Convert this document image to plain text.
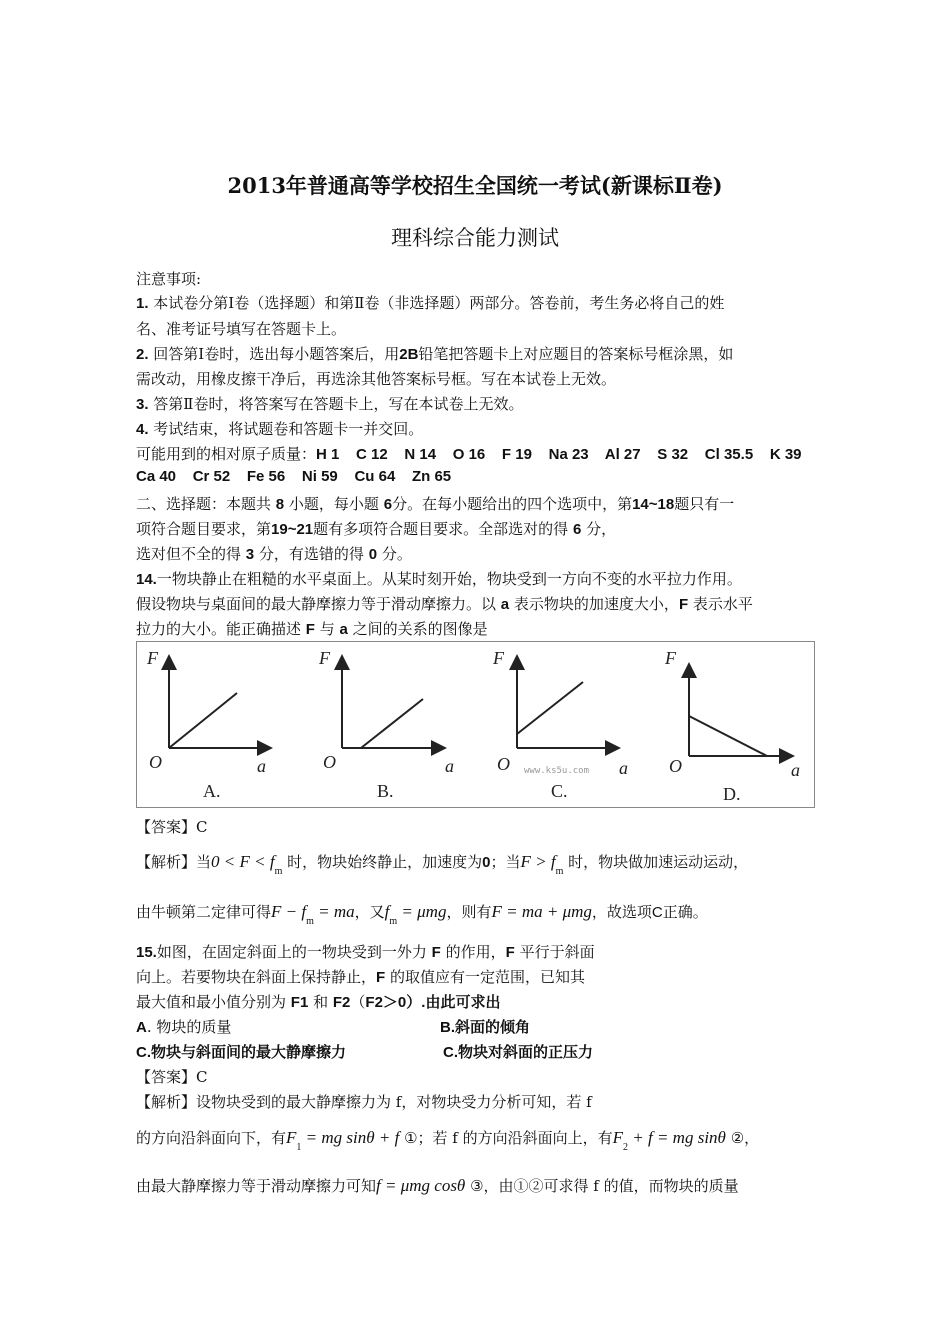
2013年普通高等学校招生全国统一考试(新课标Ⅱ卷)
理科综合能力测试
注意事项:
1. 本试卷分第Ⅰ卷（选择题）和第Ⅱ卷（非选择题）两部分。答卷前，考生务必将自己的姓
名、准考证号填写在答题卡上。
2. 回答第Ⅰ卷时，选出每小题答案后，用2B铅笔把答题卡上对应题目的答案标号框涂黑，如
需改动，用橡皮擦干净后，再选涂其他答案标号框。写在本试卷上无效。
3. 答第Ⅱ卷时，将答案写在答题卡上，写在本试卷上无效。
4. 考试结束，将试题卷和答题卡一并交回。
可能用到的相对原子质量：H 1    C 12    N 14    O 16    F 19    Na 23    Al 27    S 32    Cl 35.5    K 39
Ca 40    Cr 52    Fe 56    Ni 59    Cu 64    Zn 65
二、选择题：本题共 8 小题，每小题 6分。在每小题给出的四个选项中，第14~18题只有一
项符合题目要求，第19~21题有多项符合题目要求。全部选对的得 6 分，
选对但不全的得 3 分，有选错的得 0 分。
14.一物块静止在粗糙的水平桌面上。从某时刻开始，物块受到一方向不变的水平拉力作用。
假设物块与桌面间的最大静摩擦力等于滑动摩擦力。以 a 表示物块的加速度大小，F 表示水平
拉力的大小。能正确描述 F 与 a 之间的关系的图像是
F
O	a
A.
F
O	a
B.
F
O	a
www.ks5u.com
C.
F
O	a
D.
【答案】C
【解析】当$0 < F < f_m$ 时，物块始终静止，加速度为0；当$F > f_m$ 时，物块做加速运动运动，
由牛顿第二定律可得$F - f_m$ = ma，又$f_m = \mu mg$，则有F = ma + μmg，故选项C正确。
15.如图，在固定斜面上的一物块受到一外力 F 的作用，F 平行于斜面
向上。若要物块在斜面上保持静止，F 的取值应有一定范围，已知其
最大值和最小值分别为 F1 和 F2（F2＞0）.由此可求出
A. 物块的质量	B.斜面的倾角
C.物块与斜面间的最大静摩擦力	C.物块对斜面的正压力
【答案】C
【解析】设物块受到的最大静摩擦力为 f，对物块受力分析可知，若 f
的方向沿斜面向下，有$F_1$ = mg sinθ + f ①；若 f 的方向沿斜面向上，有$F_2 + f$ = mg sinθ ②，
由最大静摩擦力等于滑动摩擦力可知f = μmg cosθ ③，由①②可求得 f 的值，而物块的质量
